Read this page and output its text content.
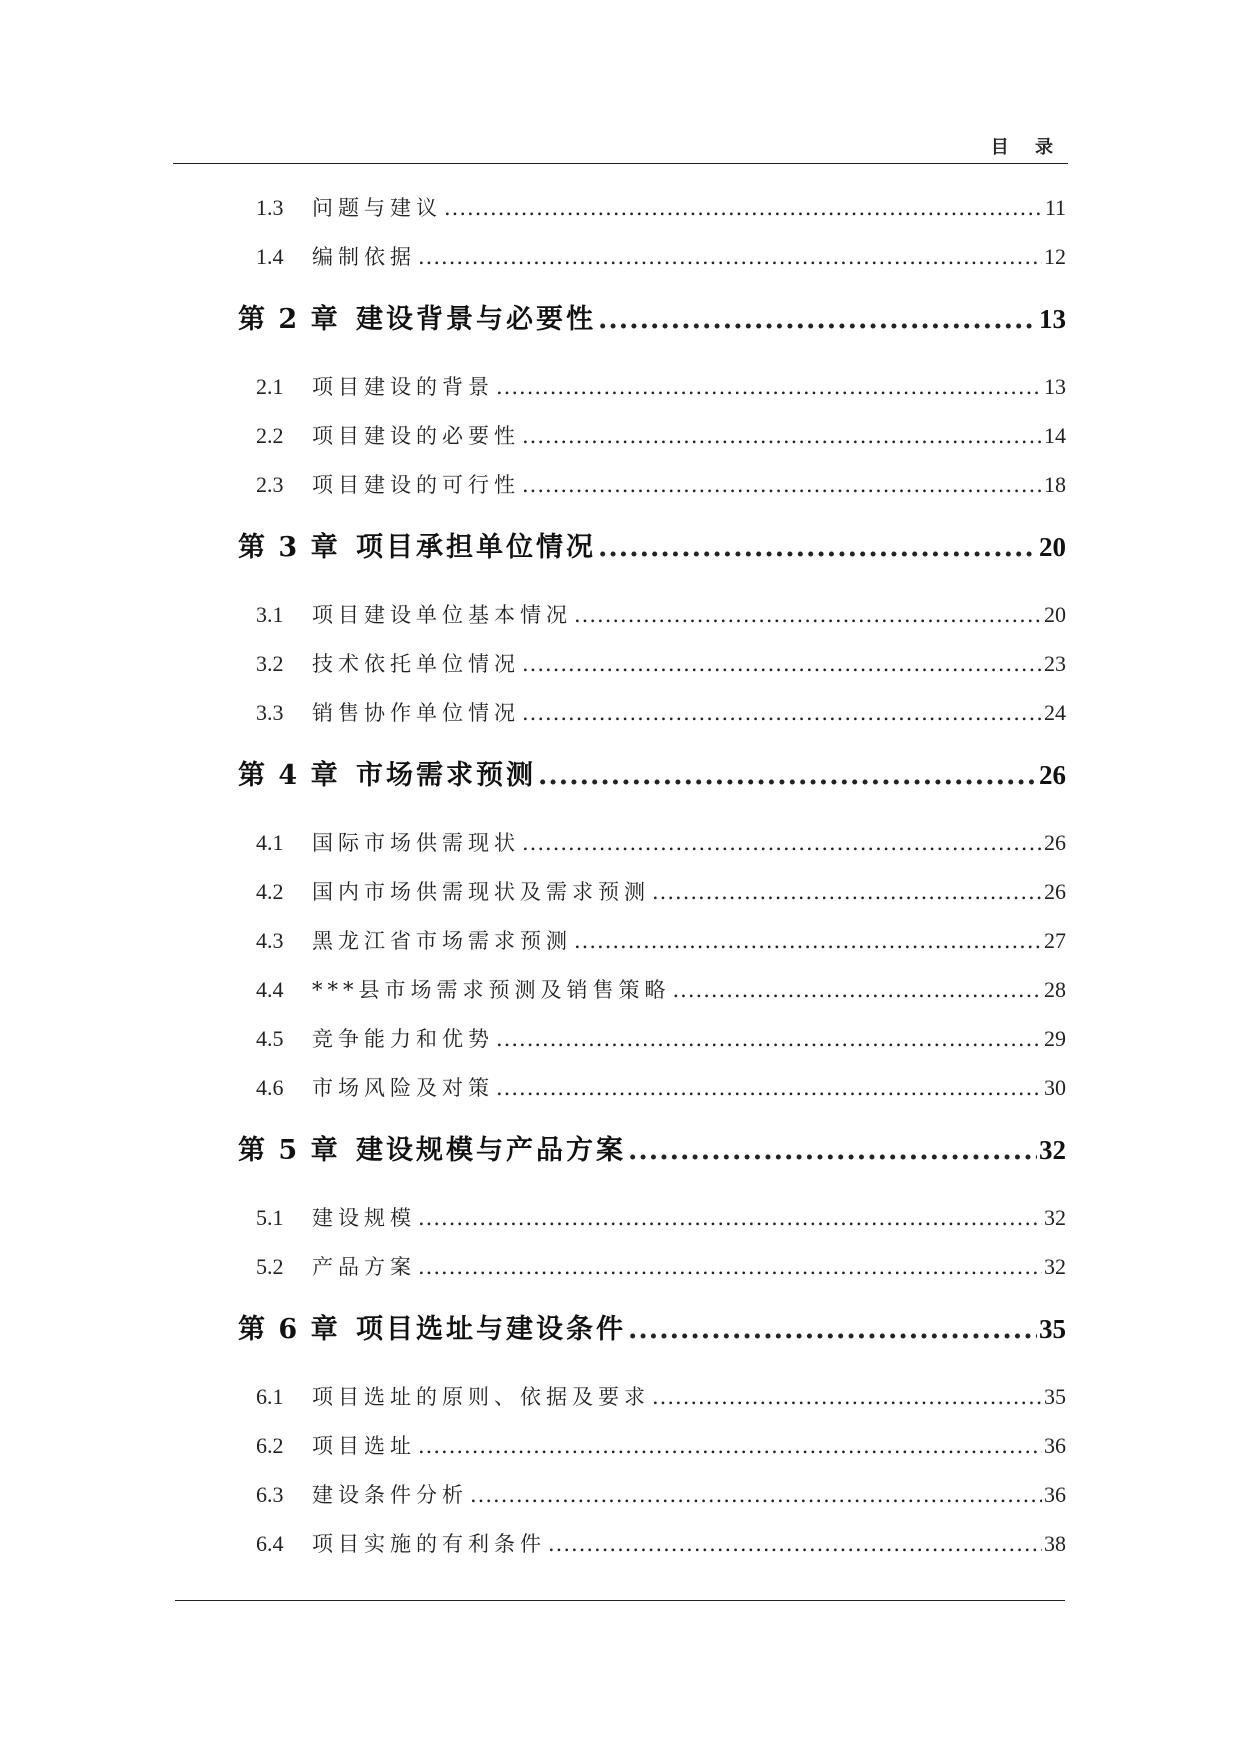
目 录
1.3	问题与建议 .....	11
1.4	编制依据 .....	12
第 2 章 建设背景与必要性 .....	13
2.1	项目建设的背景 .....	13
2.2	项目建设的必要性 .....	14
2.3	项目建设的可行性 .....	18
第 3 章 项目承担单位情况 .....	20
3.1	项目建设单位基本情况 .....	20
3.2	技术依托单位情况 .....	23
3.3	销售协作单位情况 .....	24
第 4 章 市场需求预测 .....	26
4.1	国际市场供需现状 .....	26
4.2	国内市场供需现状及需求预测 .....	26
4.3	黑龙江省市场需求预测 .....	27
4.4	***县市场需求预测及销售策略 .....	28
4.5	竞争能力和优势 .....	29
4.6	市场风险及对策 .....	30
第 5 章 建设规模与产品方案 .....	32
5.1	建设规模 .....	32
5.2	产品方案 .....	32
第 6 章 项目选址与建设条件 .....	35
6.1	项目选址的原则、依据及要求 .....	35
6.2	项目选址 .....	36
6.3	建设条件分析 .....	36
6.4	项目实施的有利条件 .....	38
